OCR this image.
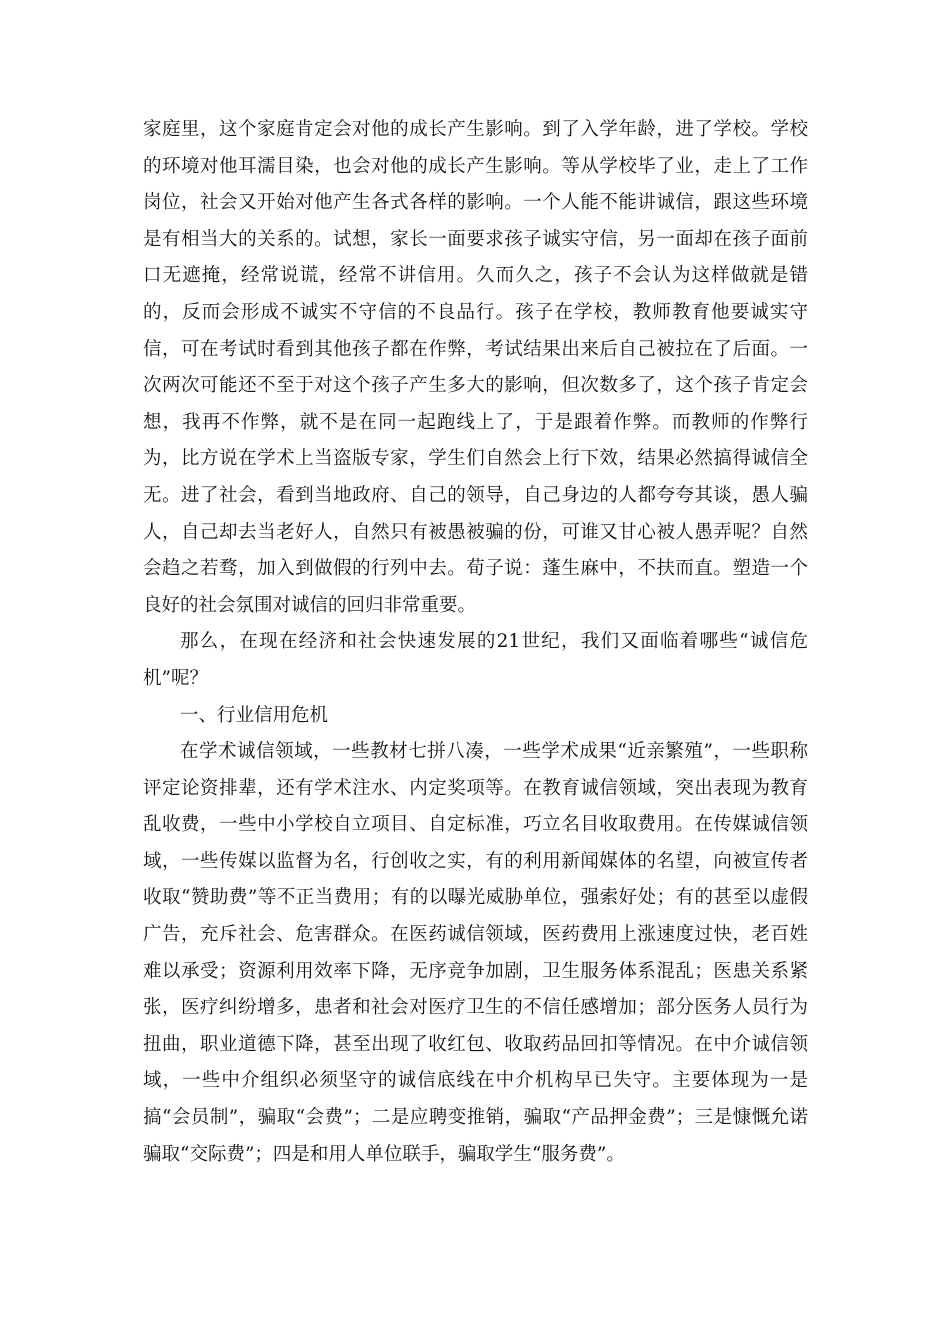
家庭里，这个家庭肯定会对他的成长产生影响。到了入学年龄，进了学校。学校的环境对他耳濡目染，也会对他的成长产生影响。等从学校毕了业，走上了工作岗位，社会又开始对他产生各式各样的影响。一个人能不能讲诚信，跟这些环境是有相当大的关系的。试想，家长一面要求孩子诚实守信，另一面却在孩子面前口无遮掩，经常说谎，经常不讲信用。久而久之，孩子不会认为这样做就是错的，反而会形成不诚实不守信的不良品行。孩子在学校，教师教育他要诚实守信，可在考试时看到其他孩子都在作弊，考试结果出来后自己被拉在了后面。一次两次可能还不至于对这个孩子产生多大的影响，但次数多了，这个孩子肯定会想，我再不作弊，就不是在同一起跑线上了，于是跟着作弊。而教师的作弊行为，比方说在学术上当盗版专家，学生们自然会上行下效，结果必然搞得诚信全无。进了社会，看到当地政府、自己的领导，自己身边的人都夸夸其谈，愚人骗人，自己却去当老好人，自然只有被愚被骗的份，可谁又甘心被人愚弄呢？自然会趋之若骛，加入到做假的行列中去。荀子说：蓬生麻中，不扶而直。塑造一个良好的社会氛围对诚信的回归非常重要。

那么，在现在经济和社会快速发展的21世纪，我们又面临着哪些“诚信危机”呢？

一、行业信用危机

在学术诚信领域，一些教材七拼八凑，一些学术成果“近亲繁殖”，一些职称评定论资排辈，还有学术注水、内定奖项等。在教育诚信领域，突出表现为教育乱收费，一些中小学校自立项目、自定标准，巧立名目收取费用。在传媒诚信领域，一些传媒以监督为名，行创收之实，有的利用新闻媒体的名望，向被宣传者收取“赞助费”等不正当费用；有的以曝光威胁单位，强索好处；有的甚至以虚假广告，充斥社会、危害群众。在医药诚信领域，医药费用上涨速度过快，老百姓难以承受；资源利用效率下降，无序竞争加剧，卫生服务体系混乱；医患关系紧张，医疗纠纷增多，患者和社会对医疗卫生的不信任感增加；部分医务人员行为扭曲，职业道德下降，甚至出现了收红包、收取药品回扣等情况。在中介诚信领域，一些中介组织必须坚守的诚信底线在中介机构早已失守。主要体现为一是搞“会员制”，骗取“会费”；二是应聘变推销，骗取“产品押金费”；三是慷慨允诺骗取“交际费”；四是和用人单位联手，骗取学生“服务费”。
